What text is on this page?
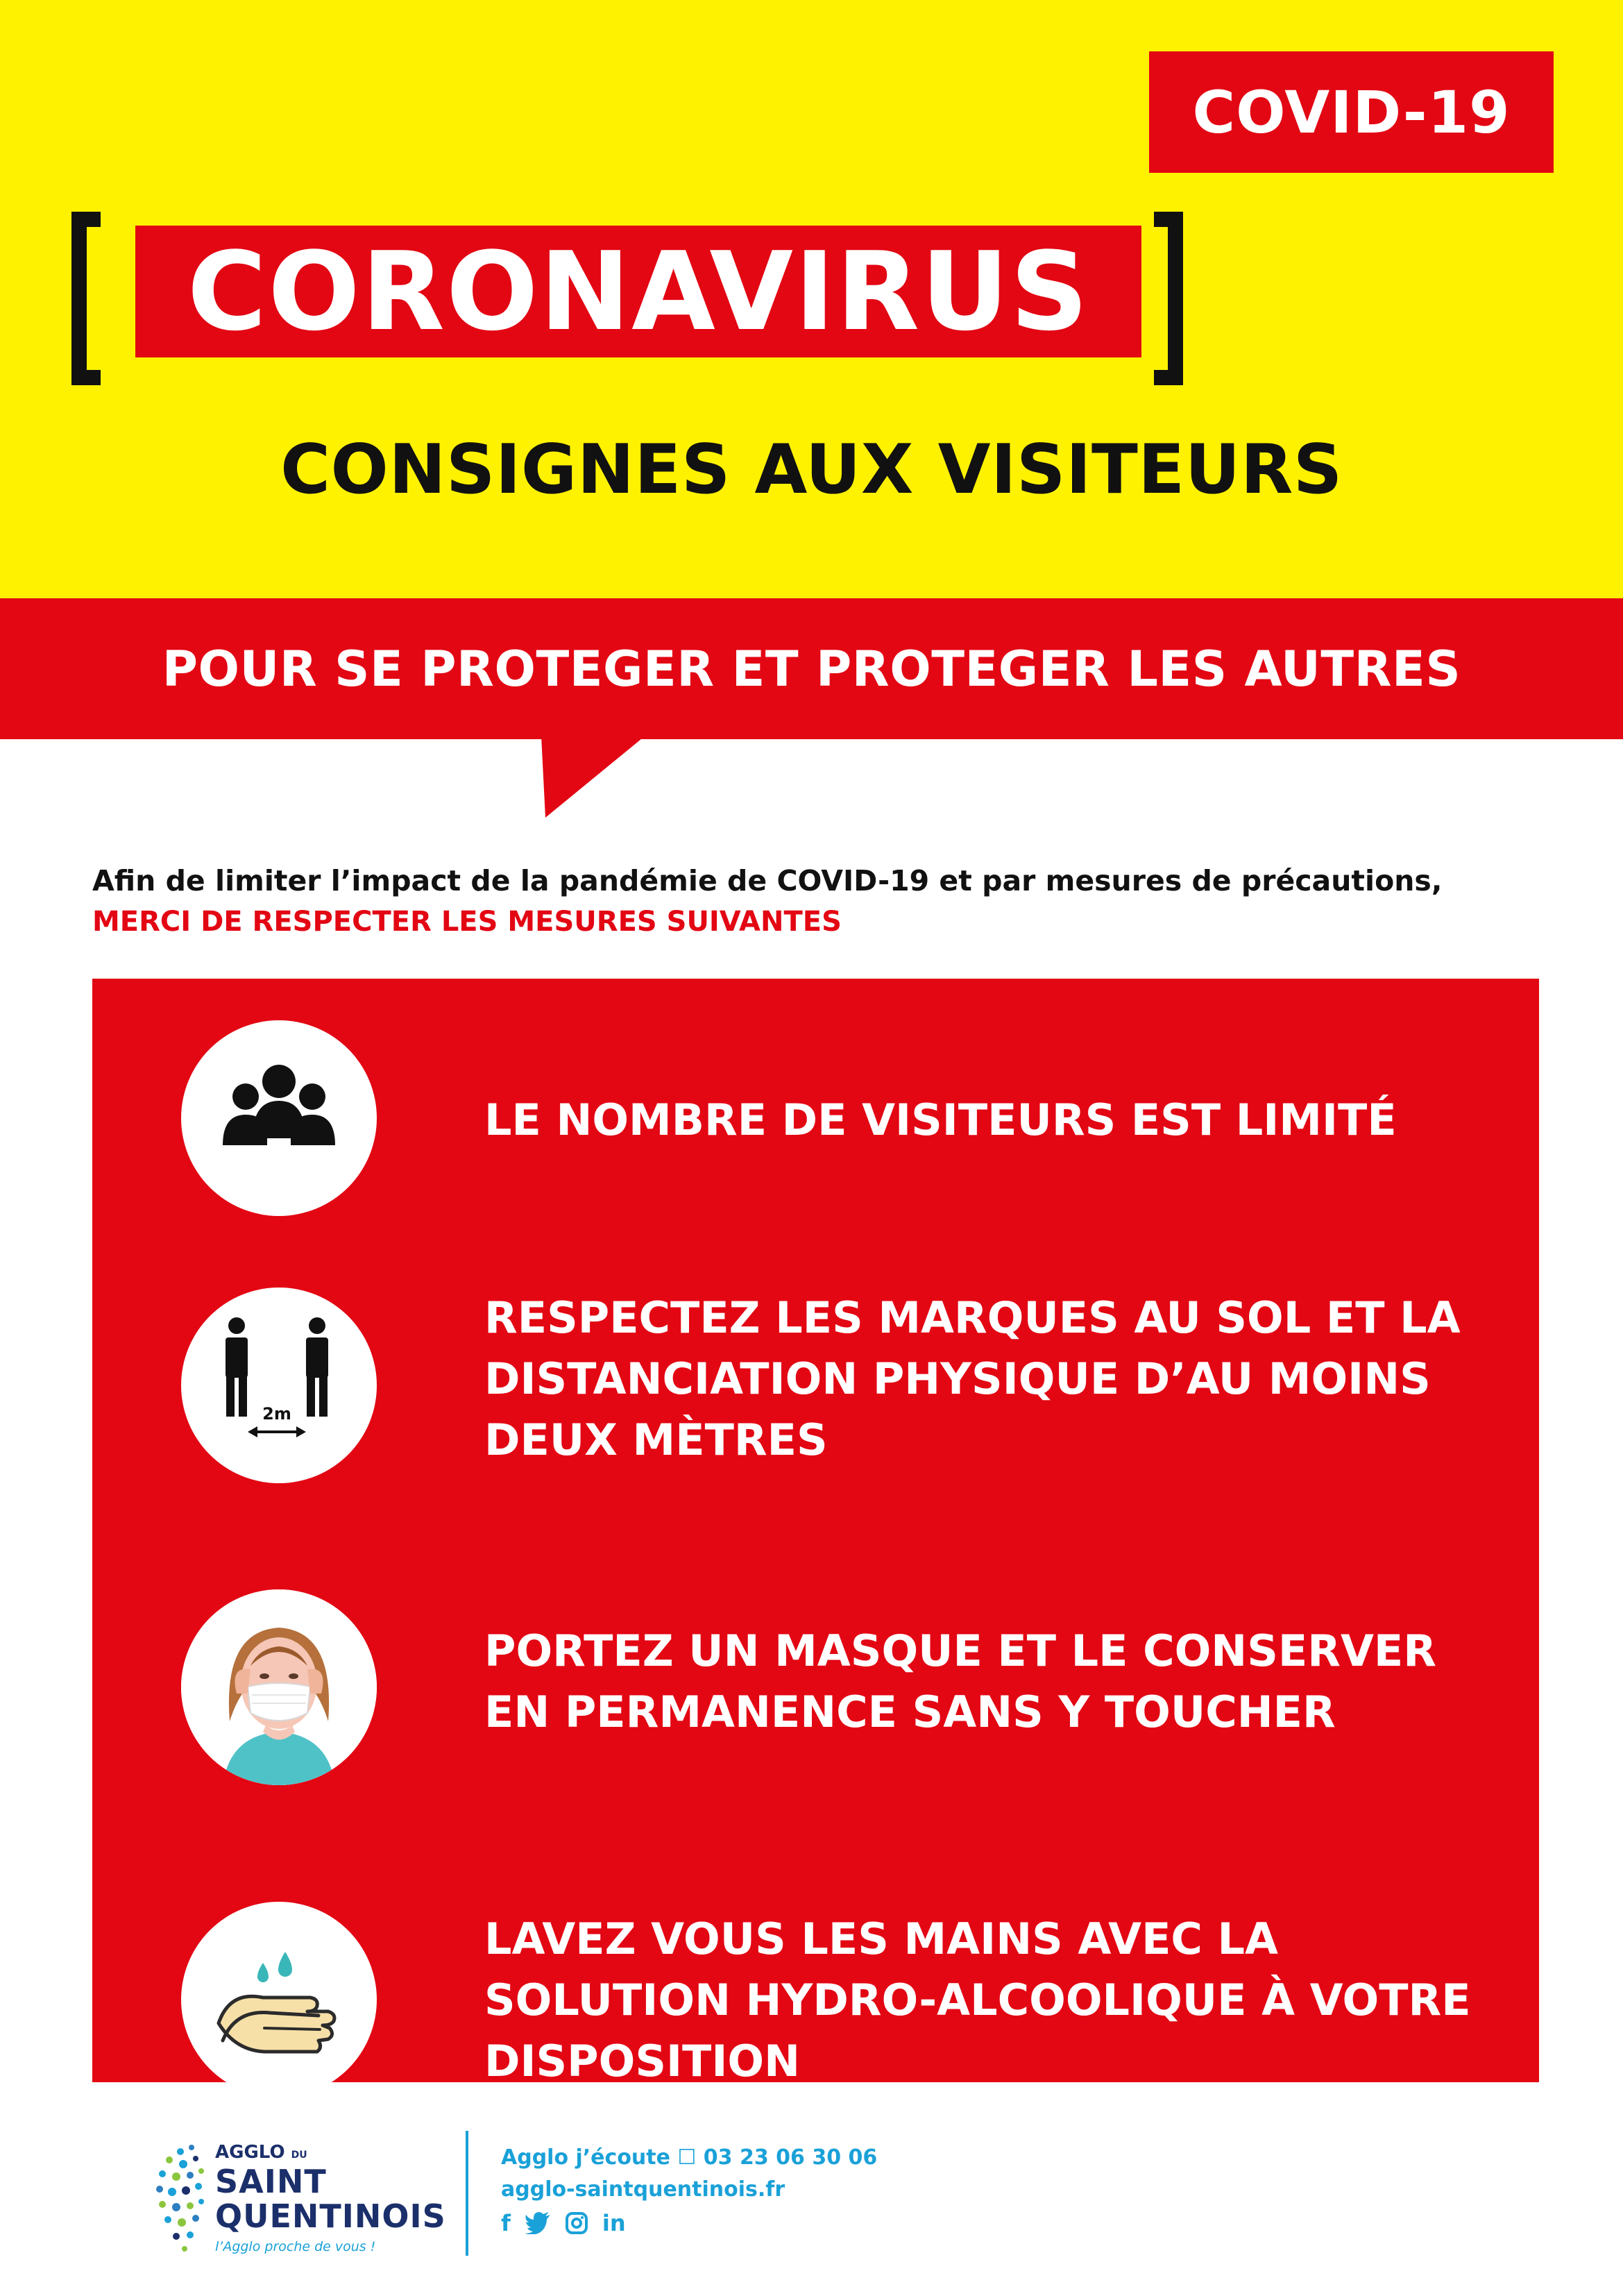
COVID-19
CORONAVIRUS
CONSIGNES AUX VISITEURS
POUR SE PROTEGER ET PROTEGER LES AUTRES
Afin de limiter l’impact de la pandémie de COVID-19 et par mesures de précautions,
MERCI DE RESPECTER LES MESURES SUIVANTES
LE NOMBRE DE VISITEURS EST LIMITÉ
2m
RESPECTEZ LES MARQUES AU SOL ET LA DISTANCIATION PHYSIQUE D’AU MOINS DEUX MÈTRES
PORTEZ UN MASQUE ET LE CONSERVER EN PERMANENCE SANS Y TOUCHER
LAVEZ VOUS LES MAINS AVEC LA SOLUTION HYDRO-ALCOOLIQUE À VOTRE DISPOSITION
AGGLO DU
SAINT
QUENTINOIS
l’Agglo proche de vous !
Agglo j’écoute ☐ 03 23 06 30 06
agglo-saintquentinois.fr
f	in
